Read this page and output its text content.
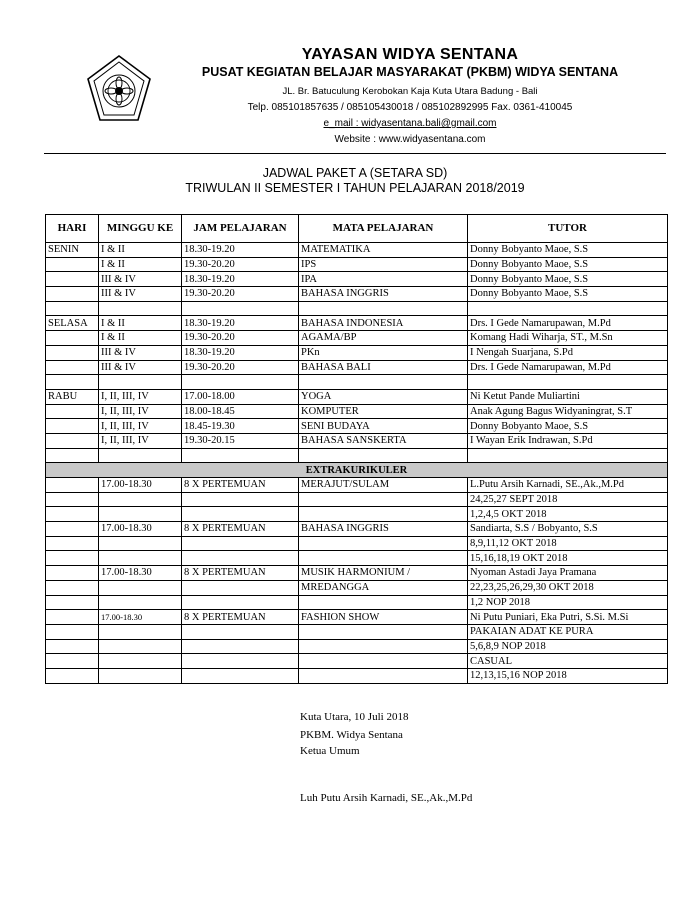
YAYASAN WIDYA SENTANA
PUSAT KEGIATAN BELAJAR MASYARAKAT (PKBM) WIDYA SENTANA
JL. Br. Batuculung Kerobokan Kaja Kuta Utara Badung - Bali
Telp. 085101857635 / 085105430018 / 085102892995 Fax. 0361-410045
e_mail : widyasentana.bali@gmail.com
Website : www.widyasentana.com
JADWAL PAKET A (SETARA SD)
TRIWULAN II SEMESTER I TAHUN PELAJARAN 2018/2019
HARI	MINGGU KE	JAM PELAJARAN	MATA PELAJARAN	TUTOR
SENIN	I & II	18.30-19.20	MATEMATIKA	Donny Bobyanto Maoe, S.S
	I & II	19.30-20.20	IPS	Donny Bobyanto Maoe, S.S
	III & IV	18.30-19.20	IPA	Donny Bobyanto Maoe, S.S
	III & IV	19.30-20.20	BAHASA INGGRIS	Donny Bobyanto Maoe, S.S

SELASA	I & II	18.30-19.20	BAHASA INDONESIA	Drs. I Gede Namarupawan, M.Pd
	I & II	19.30-20.20	AGAMA/BP	Komang Hadi Wiharja, ST., M.Sn
	III & IV	18.30-19.20	PKn	I Nengah Suarjana, S.Pd
	III & IV	19.30-20.20	BAHASA BALI	Drs. I Gede Namarupawan, M.Pd

RABU	I, II, III, IV	17.00-18.00	YOGA	Ni Ketut Pande Muliartini
	I, II, III, IV	18.00-18.45	KOMPUTER	Anak Agung Bagus Widyaningrat, S.T
	I, II, III, IV	18.45-19.30	SENI BUDAYA	Donny Bobyanto Maoe, S.S
	I, II, III, IV	19.30-20.15	BAHASA SANSKERTA	I Wayan Erik Indrawan, S.Pd

EXTRAKURIKULER				
	17.00-18.30	8 X PERTEMUAN	MERAJUT/SULAM	L.Putu Arsih Karnadi, SE.,Ak.,M.Pd
				24,25,27 SEPT 2018
				1,2,4,5 OKT 2018
	17.00-18.30	8 X PERTEMUAN	BAHASA INGGRIS	Sandiarta, S.S / Bobyanto, S.S
				8,9,11,12 OKT 2018
				15,16,18,19 OKT 2018
	17.00-18.30	8 X PERTEMUAN	MUSIK HARMONIUM /	Nyoman Astadi Jaya Pramana
			MREDANGGA	22,23,25,26,29,30 OKT 2018
				1,2 NOP 2018
	17.00-18.30	8 X PERTEMUAN	FASHION SHOW	Ni Putu Puniari, Eka Putri, S.Si. M.Si
				PAKAIAN ADAT KE PURA
				5,6,8,9 NOP 2018
				CASUAL
				12,13,15,16 NOP 2018
Kuta Utara, 10 Juli 2018
PKBM. Widya Sentana
Ketua Umum
Luh Putu Arsih Karnadi, SE.,Ak.,M.Pd
